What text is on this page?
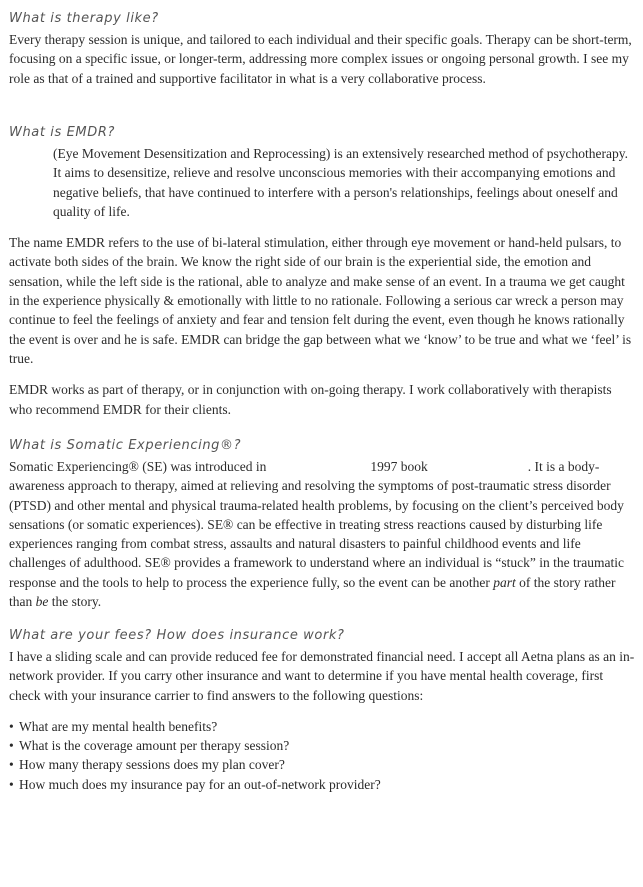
What is therapy like?

Every therapy session is unique, and tailored to each individual and their specific goals. Therapy can be short-term, focusing on a specific issue, or longer-term, addressing more complex issues or ongoing personal growth. I see my role as that of a trained and supportive facilitator in what is a very collaborative process.

What is EMDR?

(Eye Movement Desensitization and Reprocessing) is an extensively researched method of psychotherapy. It aims to desensitize, relieve and resolve unconscious memories with their accompanying emotions and negative beliefs, that have continued to interfere with a person's relationships, feelings about oneself and quality of life.

The name EMDR refers to the use of bi-lateral stimulation, either through eye movement or hand-held pulsars, to activate both sides of the brain. We know the right side of our brain is the experiential side, the emotion and sensation, while the left side is the rational, able to analyze and make sense of an event. In a trauma we get caught in the experience physically & emotionally with little to no rationale. Following a serious car wreck a person may continue to feel the feelings of anxiety and fear and tension felt during the event, even though he knows rationally the event is over and he is safe. EMDR can bridge the gap between what we ‘know’ to be true and what we ‘feel’ is true.

EMDR works as part of therapy, or in conjunction with on-going therapy. I work collaboratively with therapists who recommend EMDR for their clients.

What is Somatic Experiencing®?

Somatic Experiencing® (SE) was introduced in	1997 book	. It is a body-awareness approach to therapy, aimed at relieving and resolving the symptoms of post-traumatic stress disorder (PTSD) and other mental and physical trauma-related health problems, by focusing on the client’s perceived body sensations (or somatic experiences). SE® can be effective in treating stress reactions caused by disturbing life experiences ranging from combat stress, assaults and natural disasters to painful childhood events and life challenges of adulthood. SE® provides a framework to understand where an individual is “stuck” in the traumatic response and the tools to help to process the experience fully, so the event can be another part of the story rather than be the story.

What are your fees? How does insurance work?

I have a sliding scale and can provide reduced fee for demonstrated financial need. I accept all Aetna plans as an in-network provider. If you carry other insurance and want to determine if you have mental health coverage, first check with your insurance carrier to find answers to the following questions:

• What are my mental health benefits?
• What is the coverage amount per therapy session?
• How many therapy sessions does my plan cover?
• How much does my insurance pay for an out-of-network provider?
